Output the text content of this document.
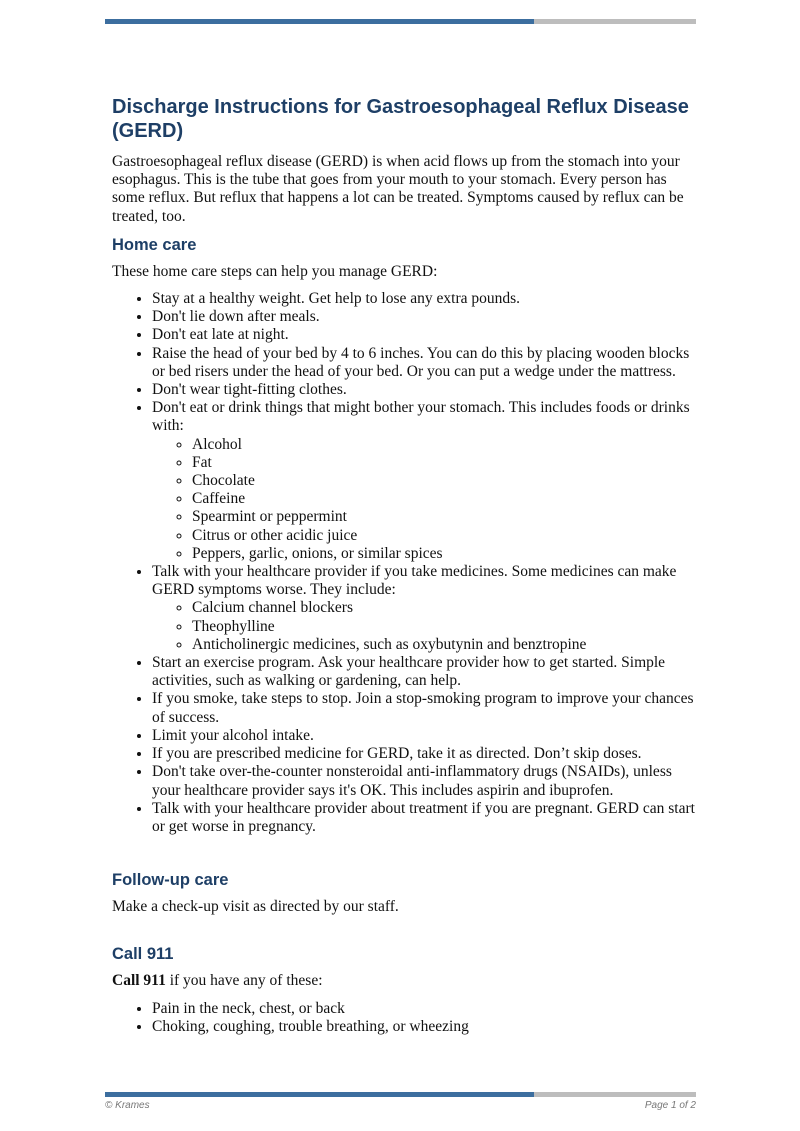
Discharge Instructions for Gastroesophageal Reflux Disease (GERD)

Gastroesophageal reflux disease (GERD) is when acid flows up from the stomach into your esophagus. This is the tube that goes from your mouth to your stomach. Every person has some reflux. But reflux that happens a lot can be treated. Symptoms caused by reflux can be treated, too.

Home care

These home care steps can help you manage GERD:

• Stay at a healthy weight. Get help to lose any extra pounds.
• Don't lie down after meals.
• Don't eat late at night.
• Raise the head of your bed by 4 to 6 inches. You can do this by placing wooden blocks or bed risers under the head of your bed. Or you can put a wedge under the mattress.
• Don't wear tight-fitting clothes.
• Don't eat or drink things that might bother your stomach. This includes foods or drinks with:
◦ Alcohol
◦ Fat
◦ Chocolate
◦ Caffeine
◦ Spearmint or peppermint
◦ Citrus or other acidic juice
◦ Peppers, garlic, onions, or similar spices
• Talk with your healthcare provider if you take medicines. Some medicines can make GERD symptoms worse. They include:
◦ Calcium channel blockers
◦ Theophylline
◦ Anticholinergic medicines, such as oxybutynin and benztropine
• Start an exercise program. Ask your healthcare provider how to get started. Simple activities, such as walking or gardening, can help.
• If you smoke, take steps to stop. Join a stop-smoking program to improve your chances of success.
• Limit your alcohol intake.
• If you are prescribed medicine for GERD, take it as directed. Don’t skip doses.
• Don't take over-the-counter nonsteroidal anti-inflammatory drugs (NSAIDs), unless your healthcare provider says it's OK. This includes aspirin and ibuprofen.
• Talk with your healthcare provider about treatment if you are pregnant. GERD can start or get worse in pregnancy.
Follow-up care

Make a check-up visit as directed by our staff.

Call 911

Call 911 if you have any of these:

• Pain in the neck, chest, or back
• Choking, coughing, trouble breathing, or wheezing
© Krames	Page 1 of 2
